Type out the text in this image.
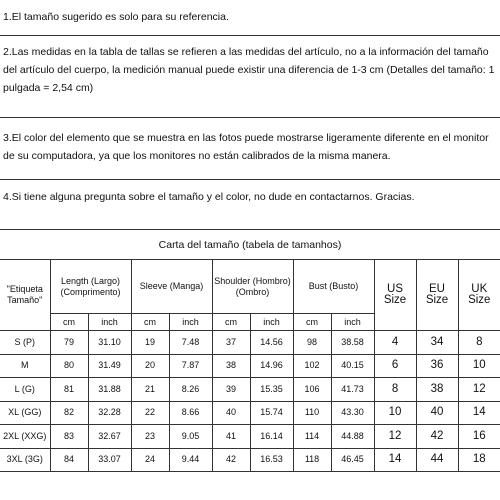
1.El tamaño sugerido es solo para su referencia.
2.Las medidas en la tabla de tallas se refieren a las medidas del artículo, no a la información del tamaño del artículo del cuerpo, la medición manual puede existir una diferencia de 1-3 cm (Detalles del tamaño: 1 pulgada = 2,54 cm)
3.El color del elemento que se muestra en las fotos puede mostrarse ligeramente diferente en el monitor de su computadora, ya que los monitores no están calibrados de la misma manera.
4.Si tiene alguna pregunta sobre el tamaño y el color, no dude en contactarnos. Gracias.
Carta del tamaño (tabela de tamanhos)
"Etiqueta Tamaño"	Length (Largo) (Comprimento)		Sleeve (Manga)		Shoulder (Hombro) (Ombro)		Bust (Busto)		US Size	EU Size	UK Size
	cm	inch	cm	inch	cm	inch	cm	inch			
S (P)	79	31.10	19	7.48	37	14.56	98	38.58	4	34	8
M	80	31.49	20	7.87	38	14.96	102	40.15	6	36	10
L (G)	81	31.88	21	8.26	39	15.35	106	41.73	8	38	12
XL (GG)	82	32.28	22	8.66	40	15.74	110	43.30	10	40	14
2XL (XXG)	83	32.67	23	9.05	41	16.14	114	44.88	12	42	16
3XL (3G)	84	33.07	24	9.44	42	16.53	118	46.45	14	44	18
